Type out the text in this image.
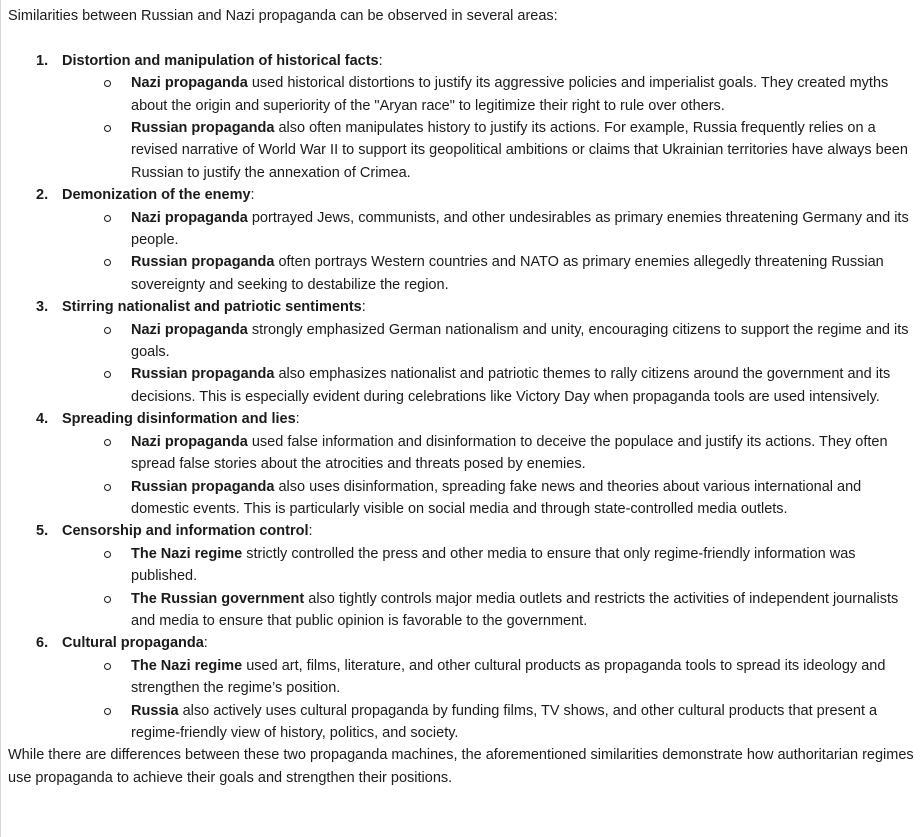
Similarities between Russian and Nazi propaganda can be observed in several areas:

1. Distortion and manipulation of historical facts:
Nazi propaganda used historical distortions to justify its aggressive policies and imperialist goals. They created myths about the origin and superiority of the "Aryan race" to legitimize their right to rule over others.
Russian propaganda also often manipulates history to justify its actions. For example, Russia frequently relies on a revised narrative of World War II to support its geopolitical ambitions or claims that Ukrainian territories have always been Russian to justify the annexation of Crimea.
2. Demonization of the enemy:
Nazi propaganda portrayed Jews, communists, and other undesirables as primary enemies threatening Germany and its people.
Russian propaganda often portrays Western countries and NATO as primary enemies allegedly threatening Russian sovereignty and seeking to destabilize the region.
3. Stirring nationalist and patriotic sentiments:
Nazi propaganda strongly emphasized German nationalism and unity, encouraging citizens to support the regime and its goals.
Russian propaganda also emphasizes nationalist and patriotic themes to rally citizens around the government and its decisions. This is especially evident during celebrations like Victory Day when propaganda tools are used intensively.
4. Spreading disinformation and lies:
Nazi propaganda used false information and disinformation to deceive the populace and justify its actions. They often spread false stories about the atrocities and threats posed by enemies.
Russian propaganda also uses disinformation, spreading fake news and theories about various international and domestic events. This is particularly visible on social media and through state-controlled media outlets.
5. Censorship and information control:
The Nazi regime strictly controlled the press and other media to ensure that only regime-friendly information was published.
The Russian government also tightly controls major media outlets and restricts the activities of independent journalists and media to ensure that public opinion is favorable to the government.
6. Cultural propaganda:
The Nazi regime used art, films, literature, and other cultural products as propaganda tools to spread its ideology and strengthen the regime’s position.
Russia also actively uses cultural propaganda by funding films, TV shows, and other cultural products that present a regime-friendly view of history, politics, and society.

While there are differences between these two propaganda machines, the aforementioned similarities demonstrate how authoritarian regimes use propaganda to achieve their goals and strengthen their positions.
